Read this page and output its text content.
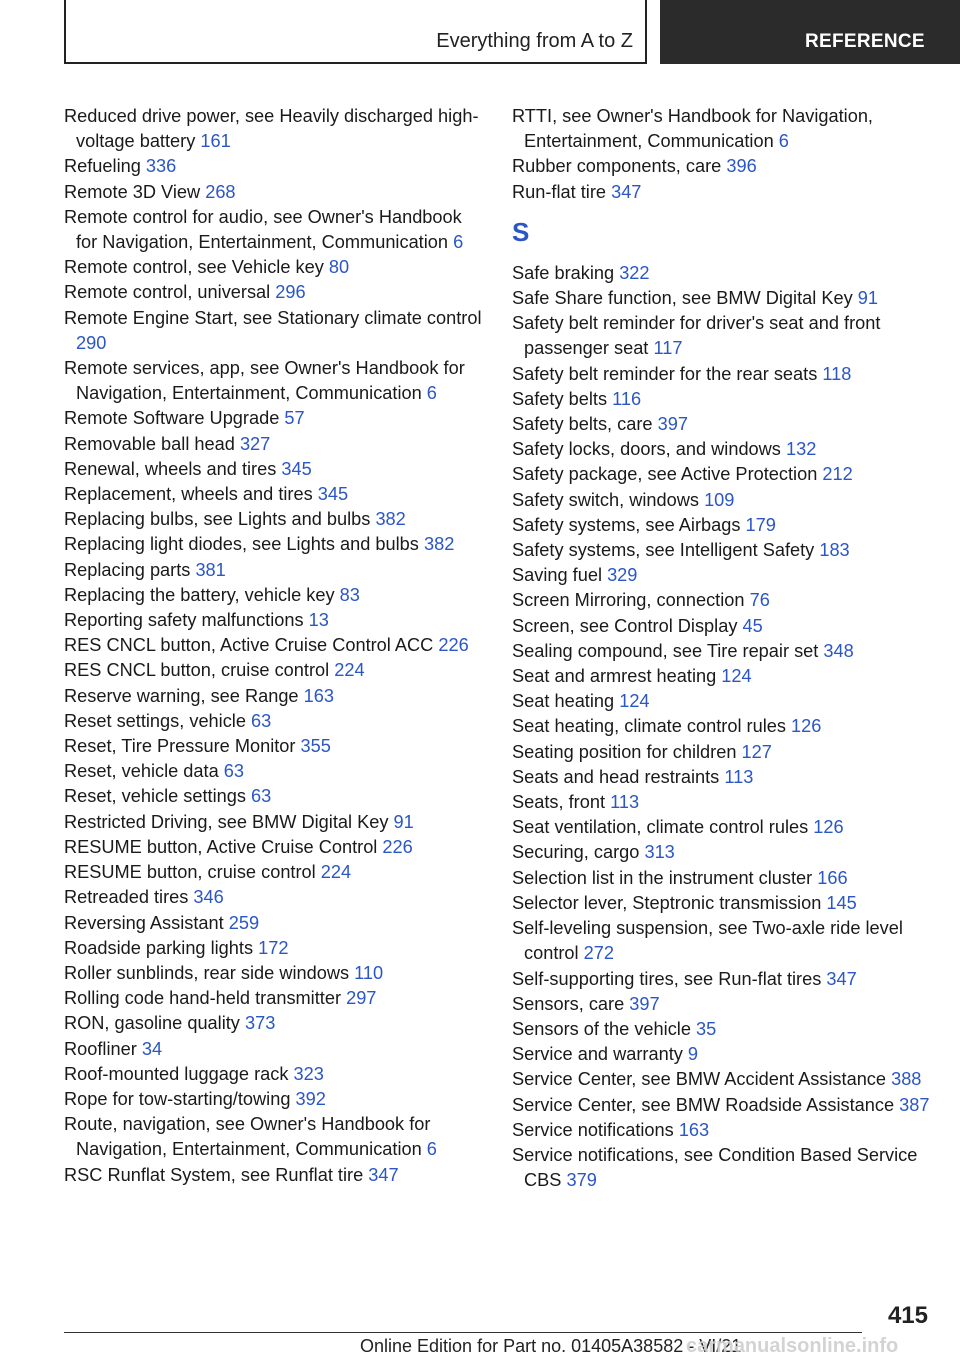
Everything from A to Z	REFERENCE
Reduced drive power, see Heavily discharged high-voltage battery 161
Refueling 336
Remote 3D View 268
Remote control for audio, see Owner's Handbook for Navigation, Entertainment, Communication 6
Remote control, see Vehicle key 80
Remote control, universal 296
Remote Engine Start, see Stationary climate control 290
Remote services, app, see Owner's Handbook for Navigation, Entertainment, Communication 6
Remote Software Upgrade 57
Removable ball head 327
Renewal, wheels and tires 345
Replacement, wheels and tires 345
Replacing bulbs, see Lights and bulbs 382
Replacing light diodes, see Lights and bulbs 382
Replacing parts 381
Replacing the battery, vehicle key 83
Reporting safety malfunctions 13
RES CNCL button, Active Cruise Control ACC 226
RES CNCL button, cruise control 224
Reserve warning, see Range 163
Reset settings, vehicle 63
Reset, Tire Pressure Monitor 355
Reset, vehicle data 63
Reset, vehicle settings 63
Restricted Driving, see BMW Digital Key 91
RESUME button, Active Cruise Control 226
RESUME button, cruise control 224
Retreaded tires 346
Reversing Assistant 259
Roadside parking lights 172
Roller sunblinds, rear side windows 110
Rolling code hand-held transmitter 297
RON, gasoline quality 373
Roofliner 34
Roof-mounted luggage rack 323
Rope for tow-starting/towing 392
Route, navigation, see Owner's Handbook for Navigation, Entertainment, Communication 6
RSC Runflat System, see Runflat tire 347
RTTI, see Owner's Handbook for Navigation, Entertainment, Communication 6
Rubber components, care 396
Run-flat tire 347
S
Safe braking 322
Safe Share function, see BMW Digital Key 91
Safety belt reminder for driver's seat and front passenger seat 117
Safety belt reminder for the rear seats 118
Safety belts 116
Safety belts, care 397
Safety locks, doors, and windows 132
Safety package, see Active Protection 212
Safety switch, windows 109
Safety systems, see Airbags 179
Safety systems, see Intelligent Safety 183
Saving fuel 329
Screen Mirroring, connection 76
Screen, see Control Display 45
Sealing compound, see Tire repair set 348
Seat and armrest heating 124
Seat heating 124
Seat heating, climate control rules 126
Seating position for children 127
Seats and head restraints 113
Seats, front 113
Seat ventilation, climate control rules 126
Securing, cargo 313
Selection list in the instrument cluster 166
Selector lever, Steptronic transmission 145
Self-leveling suspension, see Two-axle ride level control 272
Self-supporting tires, see Run-flat tires 347
Sensors, care 397
Sensors of the vehicle 35
Service and warranty 9
Service Center, see BMW Accident Assistance 388
Service Center, see BMW Roadside Assistance 387
Service notifications 163
Service notifications, see Condition Based Service CBS 379
415
Online Edition for Part no. 01405A38582 - VI/21
carmanualsonline.info
